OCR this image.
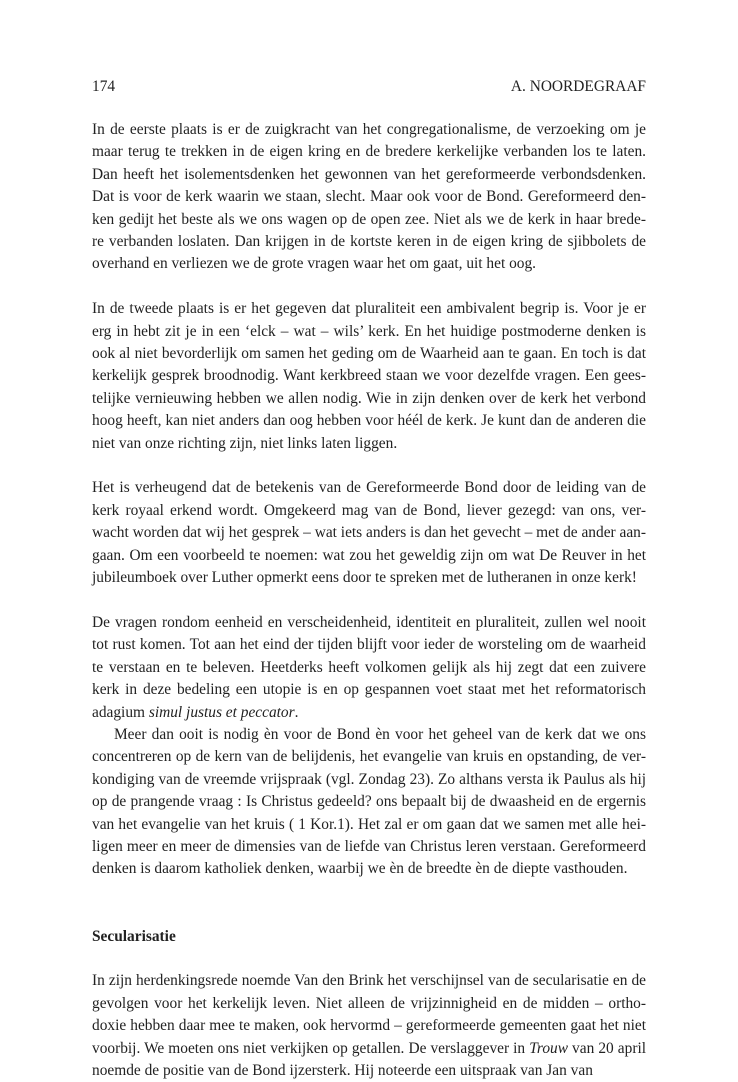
174	A. NOORDEGRAAF

In de eerste plaats is er de zuigkracht van het congregationalisme, de verzoeking om je maar terug te trekken in de eigen kring en de bredere kerkelijke verbanden los te laten. Dan heeft het isolementsdenken het gewonnen van het gereformeerde verbondsdenken. Dat is voor de kerk waarin we staan, slecht. Maar ook voor de Bond. Gereformeerd den-ken gedijt het beste als we ons wagen op de open zee. Niet als we de kerk in haar brede-re verbanden loslaten. Dan krijgen in de kortste keren in de eigen kring de sjibbolets de overhand en verliezen we de grote vragen waar het om gaat, uit het oog.

In de tweede plaats is er het gegeven dat pluraliteit een ambivalent begrip is. Voor je er erg in hebt zit je in een ‘elck – wat – wils’ kerk. En het huidige postmoderne denken is ook al niet bevorderlijk om samen het geding om de Waarheid aan te gaan. En toch is dat kerkelijk gesprek broodnodig. Want kerkbreed staan we voor dezelfde vragen. Een gees-telijke vernieuwing hebben we allen nodig. Wie in zijn denken over de kerk het verbond hoog heeft, kan niet anders dan oog hebben voor héél de kerk. Je kunt dan de anderen die niet van onze richting zijn, niet links laten liggen.

Het is verheugend dat de betekenis van de Gereformeerde Bond door de leiding van de kerk royaal erkend wordt. Omgekeerd mag van de Bond, liever gezegd: van ons, ver-wacht worden dat wij het gesprek – wat iets anders is dan het gevecht – met de ander aan-gaan. Om een voorbeeld te noemen: wat zou het geweldig zijn om wat De Reuver in het jubileumboek over Luther opmerkt eens door te spreken met de lutheranen in onze kerk!

De vragen rondom eenheid en verscheidenheid, identiteit en pluraliteit, zullen wel nooit tot rust komen. Tot aan het eind der tijden blijft voor ieder de worsteling om de waarheid te verstaan en te beleven. Heetderks heeft volkomen gelijk als hij zegt dat een zuivere kerk in deze bedeling een utopie is en op gespannen voet staat met het reformatorisch adagium simul justus et peccator.

Meer dan ooit is nodig èn voor de Bond èn voor het geheel van de kerk dat we ons concentreren op de kern van de belijdenis, het evangelie van kruis en opstanding, de ver-kondiging van de vreemde vrijspraak (vgl. Zondag 23). Zo althans versta ik Paulus als hij op de prangende vraag : Is Christus gedeeld? ons bepaalt bij de dwaasheid en de ergernis van het evangelie van het kruis ( 1 Kor.1). Het zal er om gaan dat we samen met alle hei-ligen meer en meer de dimensies van de liefde van Christus leren verstaan. Gereformeerd denken is daarom katholiek denken, waarbij we èn de breedte èn de diepte vasthouden.

Secularisatie

In zijn herdenkingsrede noemde Van den Brink het verschijnsel van de secularisatie en de gevolgen voor het kerkelijk leven. Niet alleen de vrijzinnigheid en de midden – ortho-doxie hebben daar mee te maken, ook hervormd – gereformeerde gemeenten gaat het niet voorbij. We moeten ons niet verkijken op getallen. De verslaggever in Trouw van 20 april noemde de positie van de Bond ijzersterk. Hij noteerde een uitspraak van Jan van
